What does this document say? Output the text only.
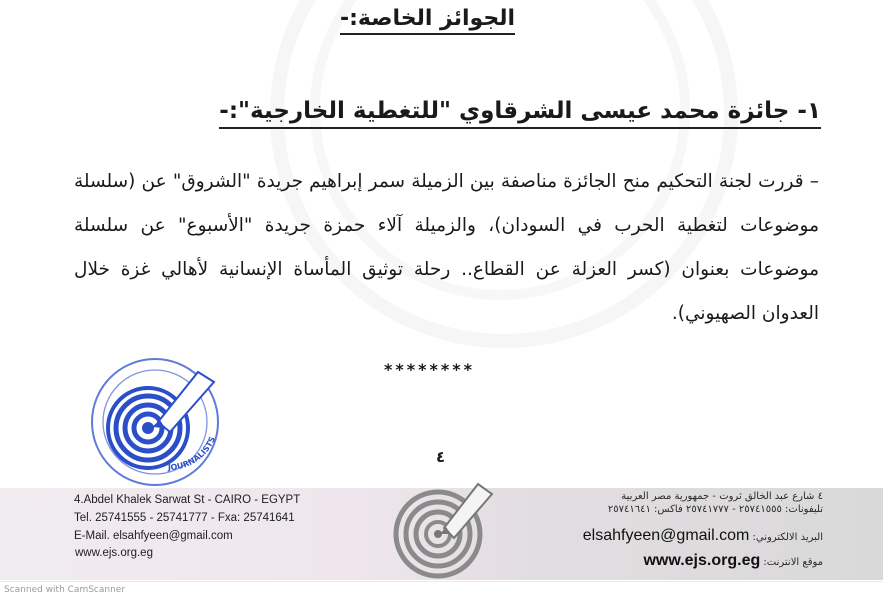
الجوائز الخاصة:-
١- جائزة محمد عيسى الشرقاوي "للتغطية الخارجية":-
– قررت لجنة التحكيم منح الجائزة مناصفة بين الزميلة سمر إبراهيم جريدة "الشروق" عن (سلسلة موضوعات لتغطية الحرب في السودان)، والزميلة آلاء حمزة جريدة "الأسبوع" عن سلسلة موضوعات بعنوان (كسر العزلة عن القطاع.. رحلة توثيق المأساة الإنسانية لأهالي غزة خلال العدوان الصهيوني).
********
٤
JOURNALISTS
4.Abdel Khalek Sarwat St - CAIRO - EGYPT
Tel. 25741555 - 25741777 - Fxa: 25741641
E-Mail. elsahfyeen@gmail.com
www.ejs.org.eg
٤ شارع عبد الخالق ثروت - جمهورية مصر العربية
تليفونات: ٢٥٧٤١٥٥٥ - ٢٥٧٤١٧٧٧ فاكس: ٢٥٧٤١٦٤١
البريد الالكتروني: elsahfyeen@gmail.com
موقع الانترنت: www.ejs.org.eg
Scanned with CamScanner
